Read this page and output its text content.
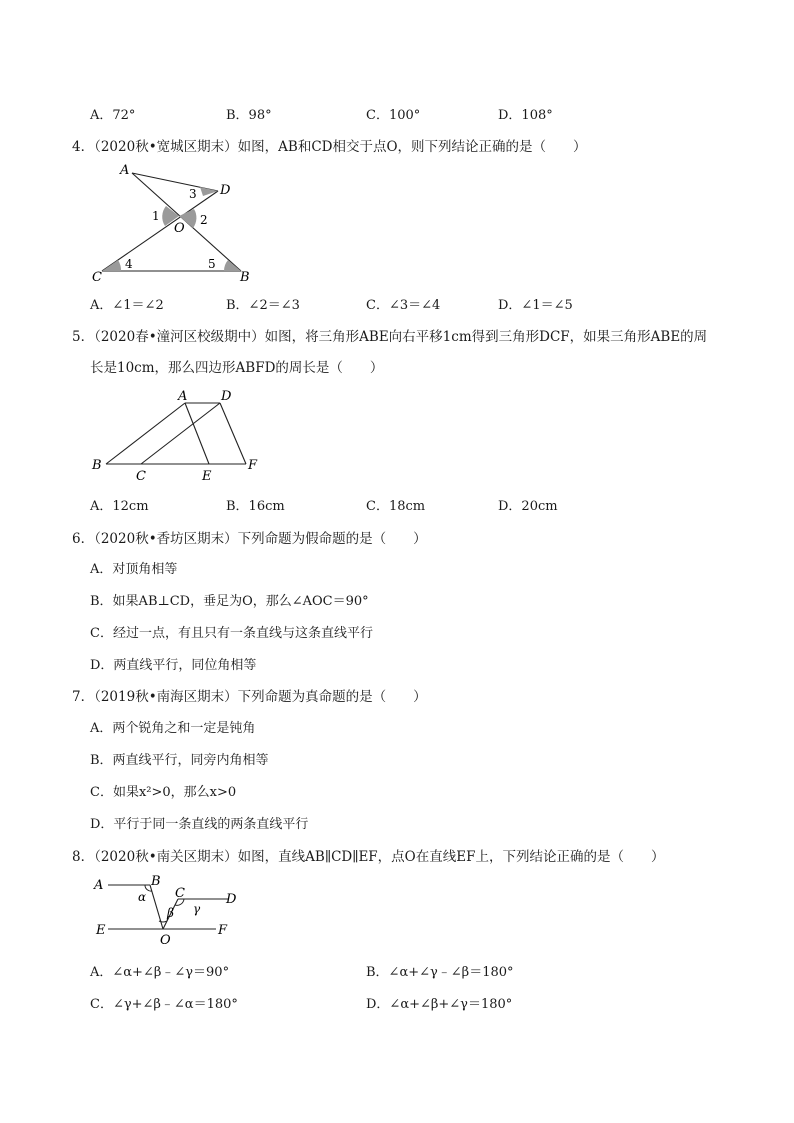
A．72°	B．98°	C．100°	D．108°
4．（2020秋•宽城区期末）如图，AB和CD相交于点O，则下列结论正确的是（　　）
A
D
O
C	B
1	2
3
4	5
A．∠1＝∠2	B．∠2＝∠3	C．∠3＝∠4	D．∠1＝∠5
5．（2020春•潼河区校级期中）如图，将三角形ABE向右平移1cm得到三角形DCF，如果三角形ABE的周
长是10cm，那么四边形ABFD的周长是（　　）
A	D
B
C	E
F
A．12cm	B．16cm	C．18cm	D．20cm
6．（2020秋•香坊区期末）下列命题为假命题的是（　　）
A．对顶角相等
B．如果AB⊥CD，垂足为O，那么∠AOC＝90°
C．经过一点，有且只有一条直线与这条直线平行
D．两直线平行，同位角相等
7．（2019秋•南海区期末）下列命题为真命题的是（　　）
A．两个锐角之和一定是钝角
B．两直线平行，同旁内角相等
C．如果x²>0，那么x>0
D．平行于同一条直线的两条直线平行
8．（2020秋•南关区期末）如图，直线AB∥CD∥EF，点O在直线EF上，下列结论正确的是（　　）
A	B
C	D
E
O
F
α
β γ
A．∠α+∠β﹣∠γ＝90°	B．∠α+∠γ﹣∠β＝180°
C．∠γ+∠β﹣∠α＝180°	D．∠α+∠β+∠γ＝180°
